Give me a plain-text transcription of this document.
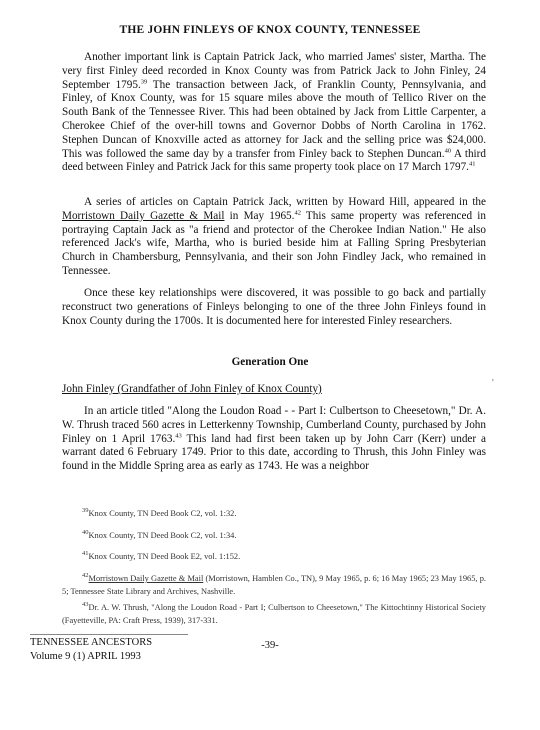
THE JOHN FINLEYS OF KNOX COUNTY, TENNESSEE
Another important link is Captain Patrick Jack, who married James' sister, Martha. The very first Finley deed recorded in Knox County was from Patrick Jack to John Finley, 24 September 1795.39 The transaction between Jack, of Franklin County, Pennsylvania, and Finley, of Knox County, was for 15 square miles above the mouth of Tellico River on the South Bank of the Tennessee River. This had been obtained by Jack from Little Carpenter, a Cherokee Chief of the over-hill towns and Governor Dobbs of North Carolina in 1762. Stephen Duncan of Knoxville acted as attorney for Jack and the selling price was $24,000. This was followed the same day by a transfer from Finley back to Stephen Duncan.$^{40}$ A third deed between Finley and Patrick Jack for this same property took place on 17 March 1797.41
A series of articles on Captain Patrick Jack, written by Howard Hill, appeared in the Morristown Daily Gazette & Mail in May 1965.42 This same property was referenced in portraying Captain Jack as "a friend and protector of the Cherokee Indian Nation." He also referenced Jack's wife, Martha, who is buried beside him at Falling Spring Presbyterian Church in Chambersburg, Pennsylvania, and their son John Findley Jack, who remained in Tennessee.
Once these key relationships were discovered, it was possible to go back and partially reconstruct two generations of Finleys belonging to one of the three John Finleys found in Knox County during the 1700s. It is documented here for interested Finley researchers.
Generation One
John Finley (Grandfather of John Finley of Knox County)	'
In an article titled "Along the Loudon Road - - Part I: Culbertson to Cheesetown," Dr. A. W. Thrush traced 560 acres in Letterkenny Township, Cumberland County, purchased by John Finley on 1 April 1763.43 This land had first been taken up by John Carr (Kerr) under a warrant dated 6 February 1749. Prior to this date, according to Thrush, this John Finley was found in the Middle Spring area as early as 1743. He was a neighbor
$^{39}$Knox County, TN Deed Book C2, vol. 1:32.
$^{40}$Knox County, TN Deed Book C2, vol. 1:34.
$^{41}$Knox County, TN Deed Book E2, vol. 1:152.
$^{42}$Morristown Daily Gazette & Mail (Morristown, Hamblen Co., TN), 9 May 1965, p. 6; 16 May 1965; 23 May 1965, p. 5; Tennessee State Library and Archives, Nashville.
$^{43}$Dr. A. W. Thrush, "Along the Loudon Road - Part I; Culbertson to Cheesetown," The Kittochtinny Historical Society (Fayetteville, PA: Craft Press, 1939), 317-331.
TENNESSEE ANCESTORS
Volume 9 (1) APRIL 1993
-39-
